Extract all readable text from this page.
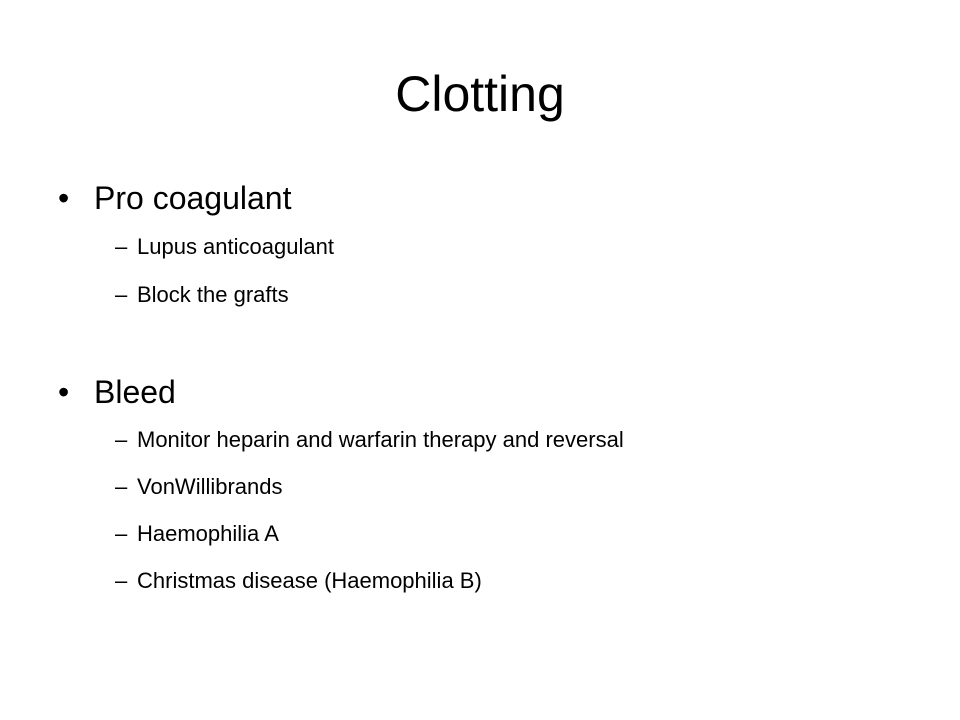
Clotting
• Pro coagulant
– Lupus anticoagulant
– Block the grafts
• Bleed
– Monitor heparin and warfarin therapy and reversal
– VonWillibrands
– Haemophilia A
– Christmas disease (Haemophilia B)
